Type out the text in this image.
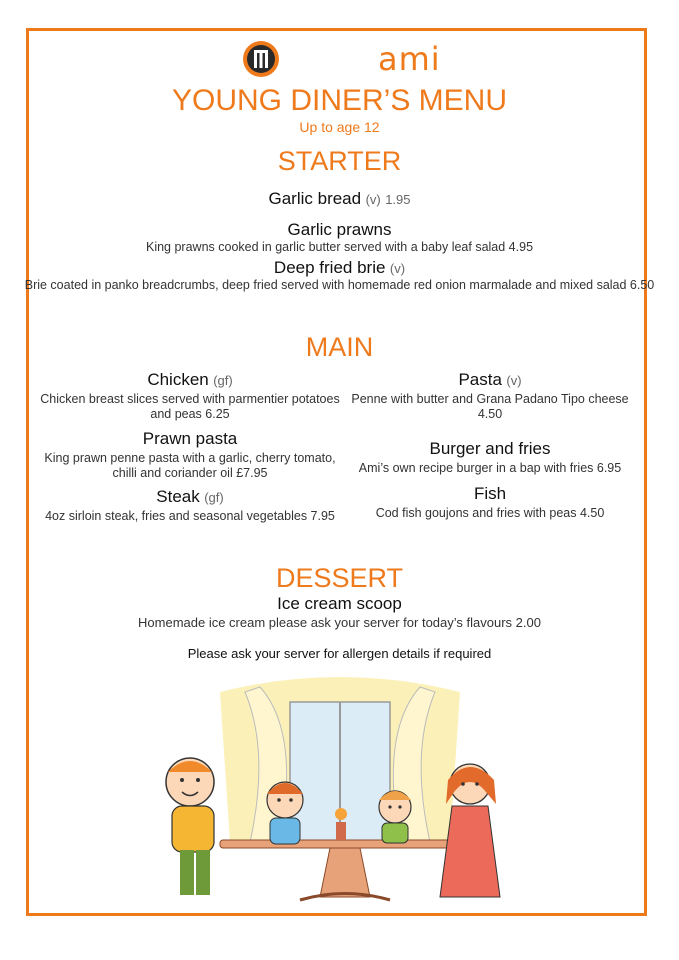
ami
YOUNG DINER’S MENU
Up to age 12
STARTER
Garlic bread (v) 1.95
Garlic prawns
King prawns cooked in garlic butter served with a baby leaf salad 4.95
Deep fried brie (v)
Brie coated in panko breadcrumbs, deep fried served with homemade red onion marmalade and mixed salad 6.50
MAIN
Chicken (gf)
Chicken breast slices served with parmentier potatoes
and peas 6.25
Prawn pasta
King prawn penne pasta with a garlic, cherry tomato,
chilli and coriander oil £7.95
Steak (gf)
4oz sirloin steak, fries and seasonal vegetables 7.95
Pasta (v)
Penne with butter and Grana Padano Tipo cheese 4.50
Burger and fries
Ami’s own recipe burger in a bap with fries 6.95
Fish
Cod fish goujons and fries with peas 4.50
DESSERT
Ice cream scoop
Homemade ice cream please ask your server for today’s flavours 2.00
Please ask your server for allergen details if required
